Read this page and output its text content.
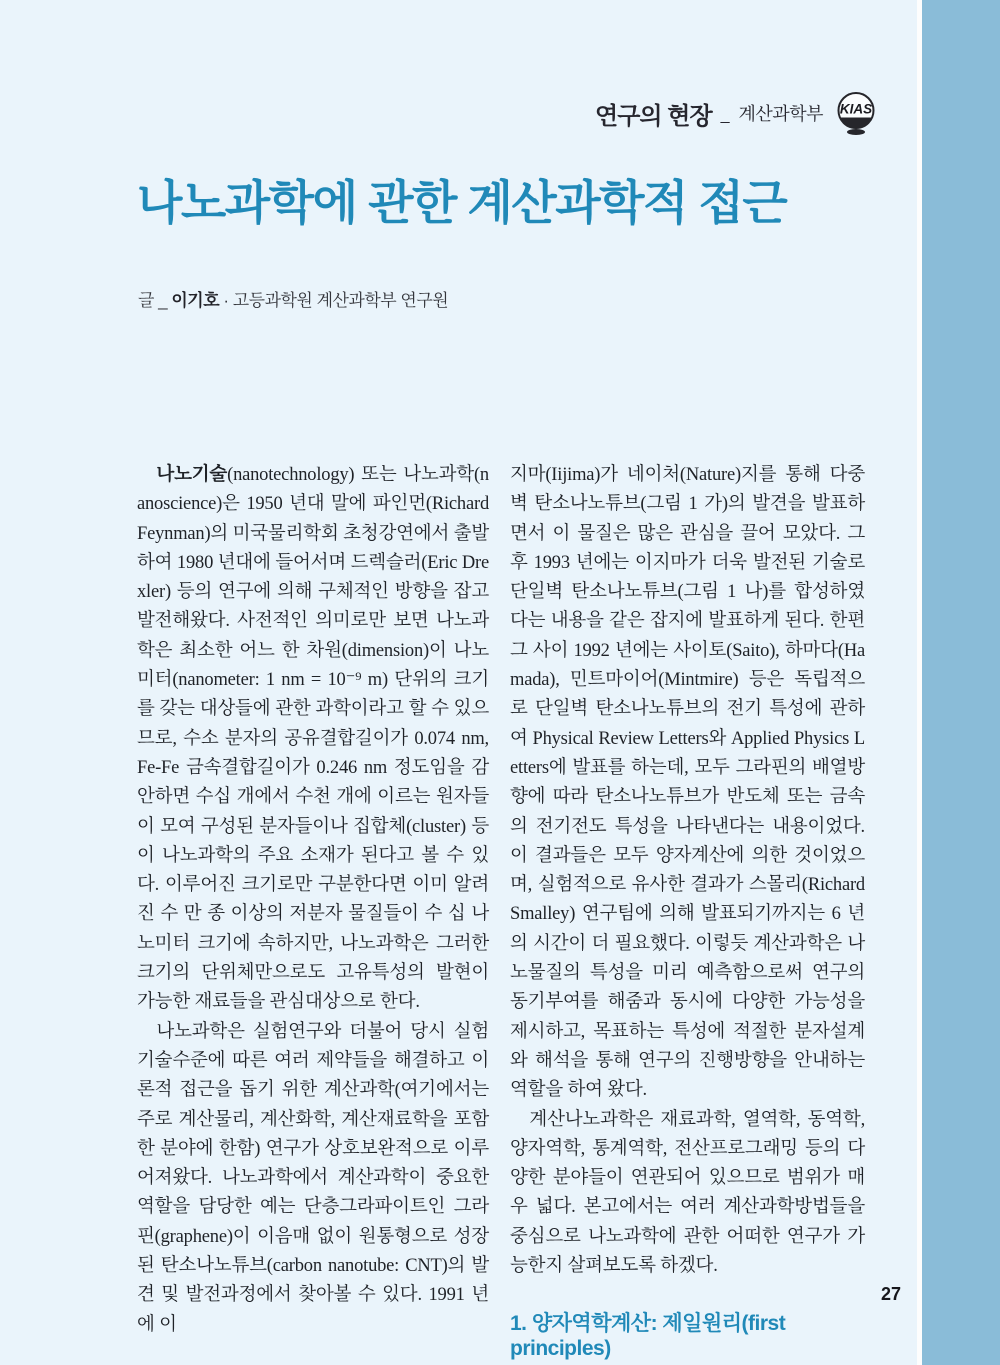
연구의 현장 _ 계산과학부 KIAS
나노과학에 관한 계산과학적 접근
글 _ 이기호 · 고등과학원 계산과학부 연구원

나노기술(nanotechnology) 또는 나노과학(nanoscience)은 1950 년대 말에 파인먼(Richard Feynman)의 미국물리학회 초청강연에서 출발하여 1980 년대에 들어서며 드렉슬러(Eric Drexler) 등의 연구에 의해 구체적인 방향을 잡고 발전해왔다. 사전적인 의미로만 보면 나노과학은 최소한 어느 한 차원(dimension)이 나노미터(nanometer: 1 nm = 10⁻⁹ m) 단위의 크기를 갖는 대상들에 관한 과학이라고 할 수 있으므로, 수소 분자의 공유결합길이가 0.074 nm, Fe-Fe 금속결합길이가 0.246 nm 정도임을 감안하면 수십 개에서 수천 개에 이르는 원자들이 모여 구성된 분자들이나 집합체(cluster) 등이 나노과학의 주요 소재가 된다고 볼 수 있다. 이루어진 크기로만 구분한다면 이미 알려진 수 만 종 이상의 저분자 물질들이 수 십 나노미터 크기에 속하지만, 나노과학은 그러한 크기의 단위체만으로도 고유특성의 발현이 가능한 재료들을 관심대상으로 한다.

나노과학은 실험연구와 더불어 당시 실험기술수준에 따른 여러 제약들을 해결하고 이론적 접근을 돕기 위한 계산과학(여기에서는 주로 계산물리, 계산화학, 계산재료학을 포함한 분야에 한함) 연구가 상호보완적으로 이루어져왔다. 나노과학에서 계산과학이 중요한 역할을 담당한 예는 단층그라파이트인 그라핀(graphene)이 이음매 없이 원통형으로 성장된 탄소나노튜브(carbon nanotube: CNT)의 발견 및 발전과정에서 찾아볼 수 있다. 1991 년에 이

지마(Iijima)가 네이처(Nature)지를 통해 다중벽 탄소나노튜브(그림 1 가)의 발견을 발표하면서 이 물질은 많은 관심을 끌어 모았다. 그 후 1993 년에는 이지마가 더욱 발전된 기술로 단일벽 탄소나노튜브(그림 1 나)를 합성하였다는 내용을 같은 잡지에 발표하게 된다. 한편 그 사이 1992 년에는 사이토(Saito), 하마다(Hamada), 민트마이어(Mintmire) 등은 독립적으로 단일벽 탄소나노튜브의 전기 특성에 관하여 Physical Review Letters와 Applied Physics Letters에 발표를 하는데, 모두 그라핀의 배열방향에 따라 탄소나노튜브가 반도체 또는 금속의 전기전도 특성을 나타낸다는 내용이었다. 이 결과들은 모두 양자계산에 의한 것이었으며, 실험적으로 유사한 결과가 스몰리(Richard Smalley) 연구팀에 의해 발표되기까지는 6 년의 시간이 더 필요했다. 이렇듯 계산과학은 나노물질의 특성을 미리 예측함으로써 연구의 동기부여를 해줌과 동시에 다양한 가능성을 제시하고, 목표하는 특성에 적절한 분자설계와 해석을 통해 연구의 진행방향을 안내하는 역할을 하여 왔다.

계산나노과학은 재료과학, 열역학, 동역학, 양자역학, 통계역학, 전산프로그래밍 등의 다양한 분야들이 연관되어 있으므로 범위가 매우 넓다. 본고에서는 여러 계산과학방법들을 중심으로 나노과학에 관한 어떠한 연구가 가능한지 살펴보도록 하겠다.

1. 양자역학계산: 제일원리(first principles)
27
